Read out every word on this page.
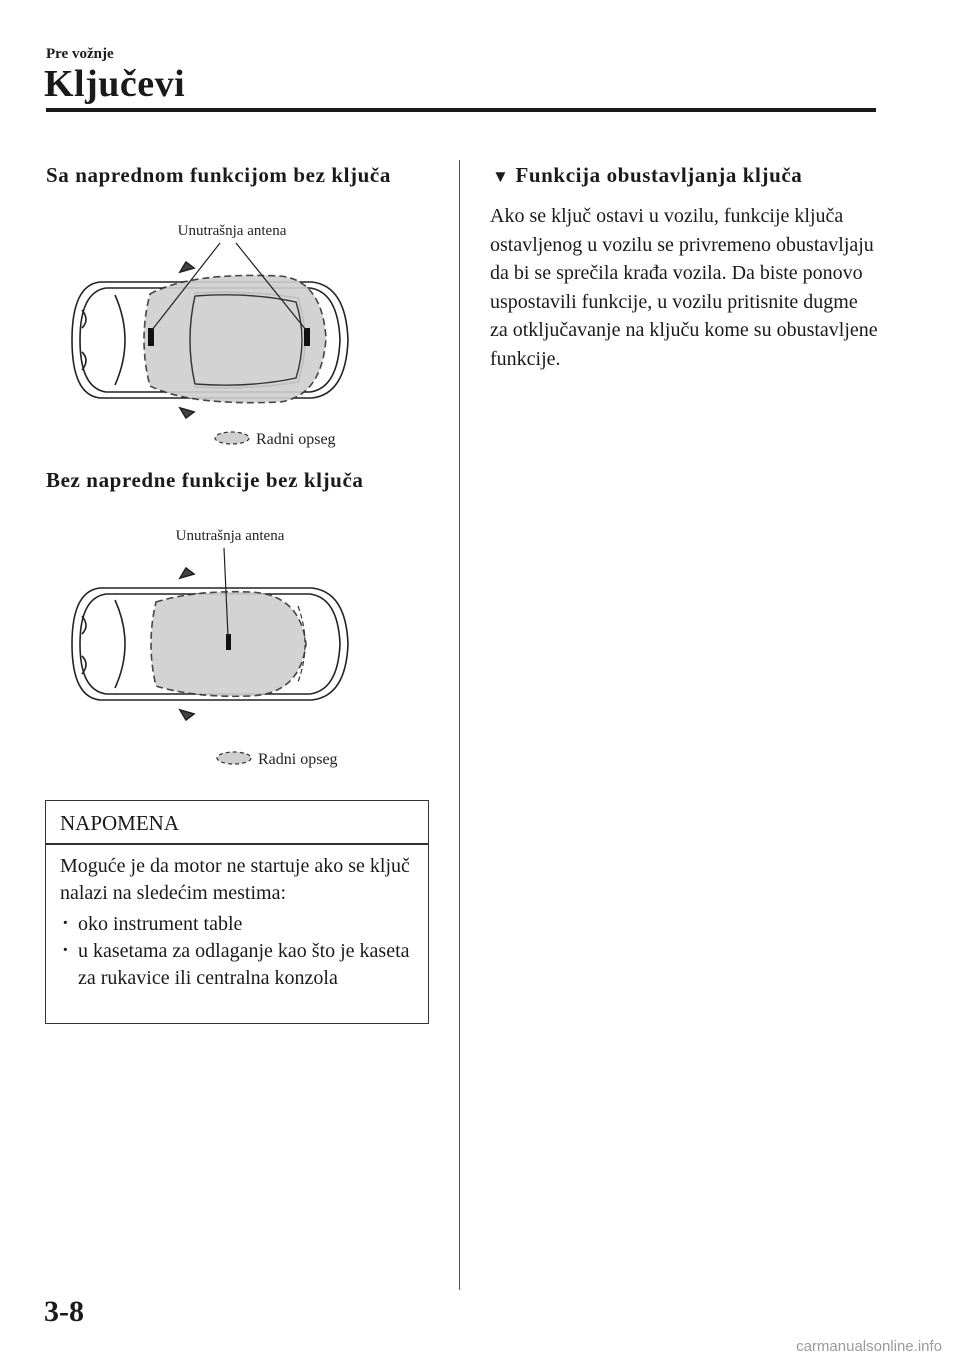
Pre vožnje
Ključevi
Sa naprednom funkcijom bez ključa
Unutrašnja antena
Radni opseg
Bez napredne funkcije bez ključa
Unutrašnja antena
Radni opseg
NAPOMENA

Moguće je da motor ne startuje ako se ključ nalazi na sledećim mestima:

· oko instrument table
· u kasetama za odlaganje kao što je kaseta za rukavice ili centralna konzola
▼ Funkcija obustavljanja ključa

Ako se ključ ostavi u vozilu, funkcije ključa ostavljenog u vozilu se privremeno obustavljaju da bi se sprečila krađa vozila. Da biste ponovo uspostavili funkcije, u vozilu pritisnite dugme za otključavanje na ključu kome su obustavljene funkcije.

3-8
carmanualsonline.info
